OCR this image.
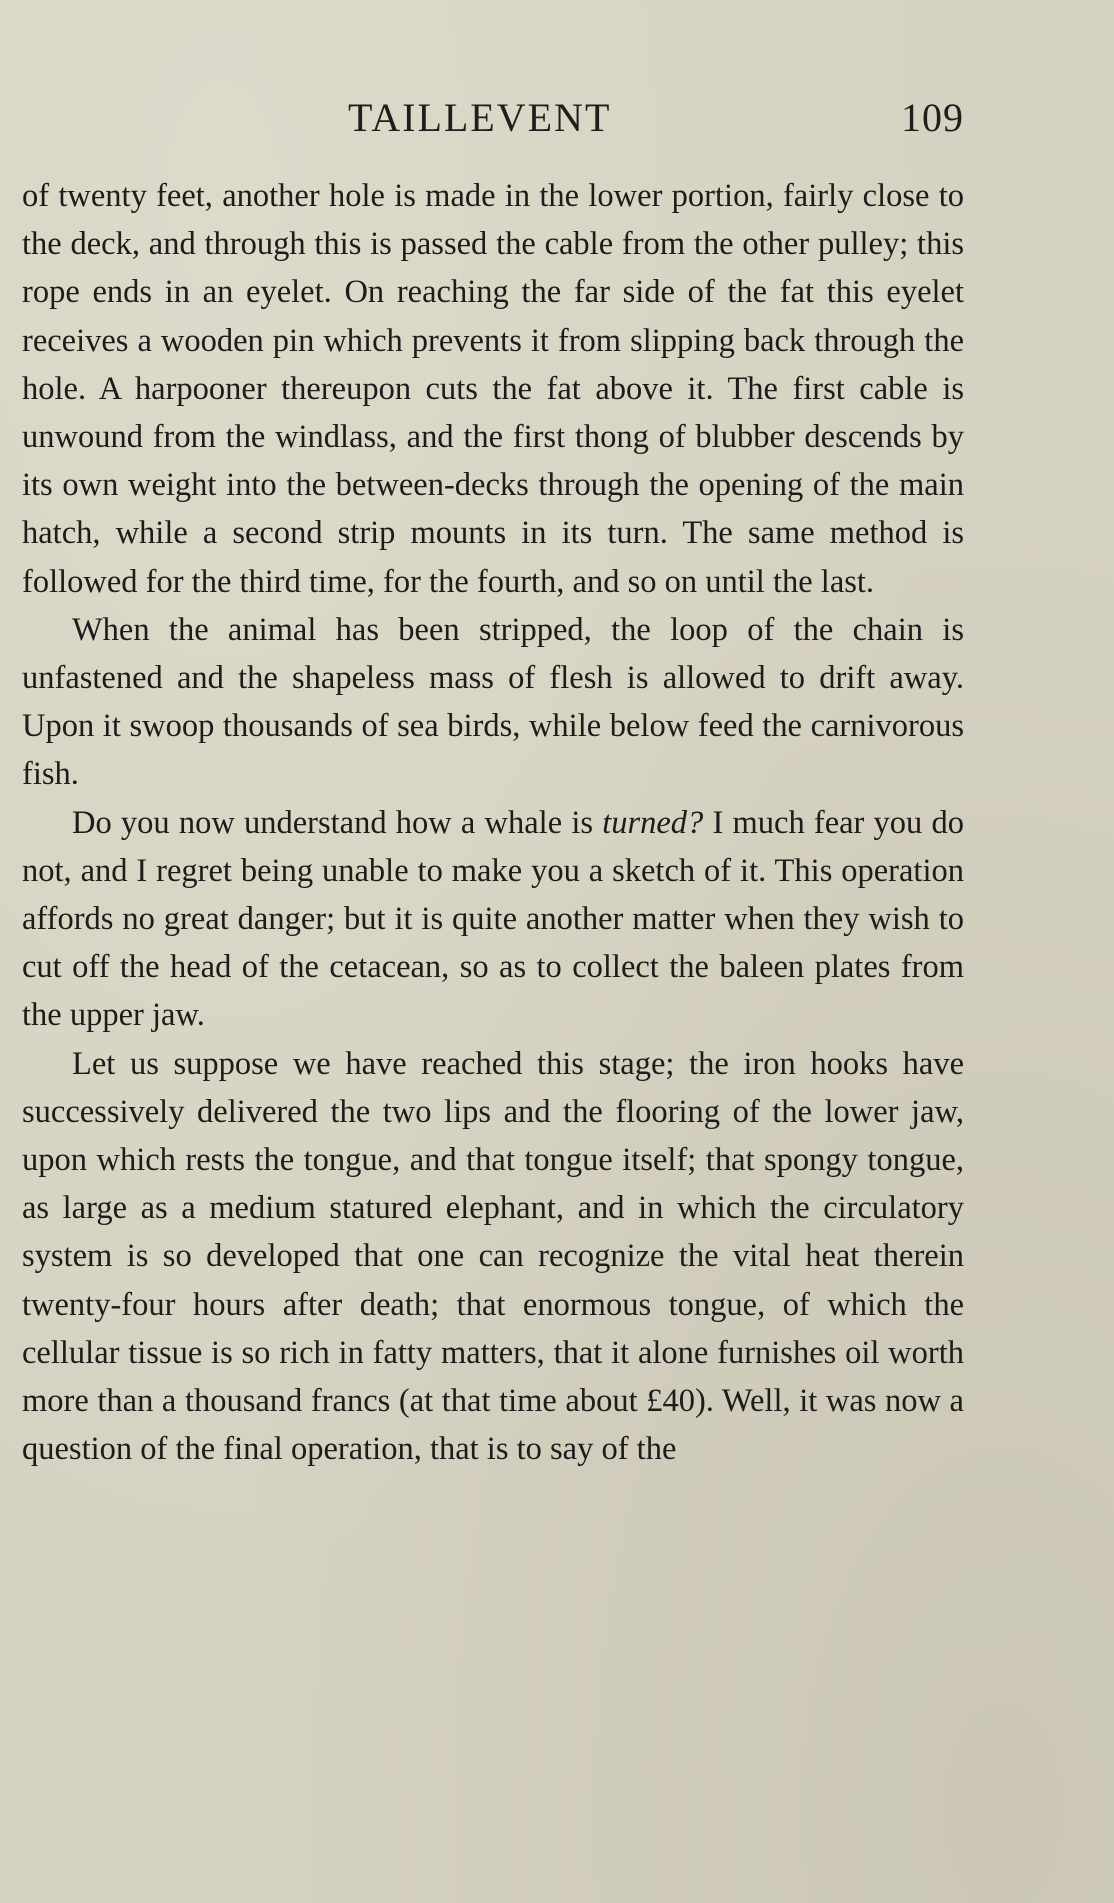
TAILLEVENT	109

of twenty feet, another hole is made in the lower portion, fairly close to the deck, and through this is passed the cable from the other pulley; this rope ends in an eyelet. On reaching the far side of the fat this eyelet receives a wooden pin which prevents it from slipping back through the hole. A harpooner thereupon cuts the fat above it. The first cable is unwound from the windlass, and the first thong of blubber descends by its own weight into the between-decks through the opening of the main hatch, while a second strip mounts in its turn. The same method is followed for the third time, for the fourth, and so on until the last.

When the animal has been stripped, the loop of the chain is unfastened and the shapeless mass of flesh is allowed to drift away. Upon it swoop thousands of sea birds, while below feed the carnivorous fish.

Do you now understand how a whale is turned? I much fear you do not, and I regret being unable to make you a sketch of it. This operation affords no great danger; but it is quite another matter when they wish to cut off the head of the cetacean, so as to collect the baleen plates from the upper jaw.

Let us suppose we have reached this stage; the iron hooks have successively delivered the two lips and the flooring of the lower jaw, upon which rests the tongue, and that tongue itself; that spongy tongue, as large as a medium statured elephant, and in which the circulatory system is so developed that one can recognize the vital heat therein twenty-four hours after death; that enormous tongue, of which the cellular tissue is so rich in fatty matters, that it alone furnishes oil worth more than a thousand francs (at that time about £40). Well, it was now a question of the final operation, that is to say of the
